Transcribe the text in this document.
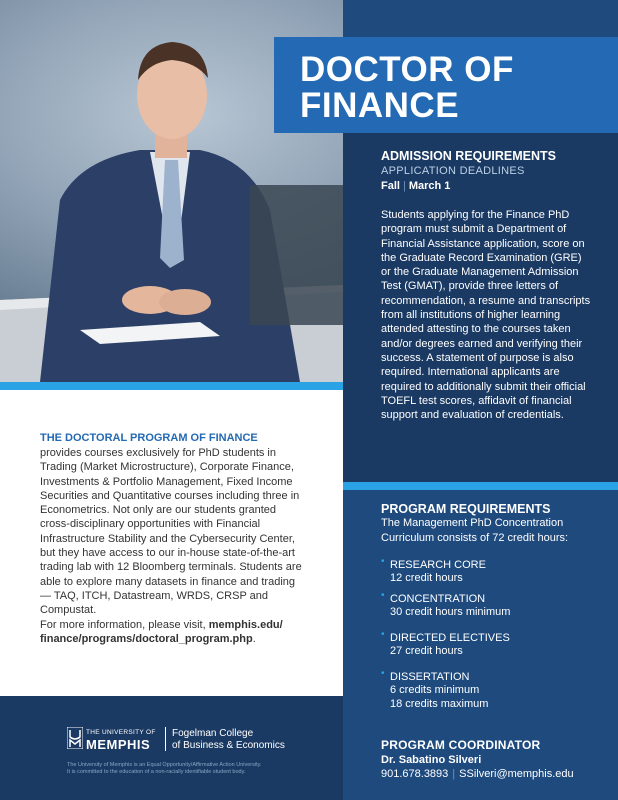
DOCTOR OF FINANCE
ADMISSION REQUIREMENTS
APPLICATION DEADLINES
Fall | March 1
Students applying for the Finance PhD program must submit a Department of Financial Assistance application, score on the Graduate Record Examination (GRE) or the Graduate Management Admission Test (GMAT), provide three letters of recommendation, a resume and transcripts from all institutions of higher learning attended attesting to the courses taken and/or degrees earned and verifying their success. A statement of purpose is also required. International applicants are required to additionally submit their official TOEFL test scores, affidavit of financial support and evaluation of credentials.
PROGRAM REQUIREMENTS
The Management PhD Concentration Curriculum consists of 72 credit hours:
• RESEARCH CORE
12 credit hours
• CONCENTRATION
30 credit hours minimum
• DIRECTED ELECTIVES
27 credit hours
• DISSERTATION
6 credits minimum
18 credits maximum
PROGRAM COORDINATOR
Dr. Sabatino Silveri
901.678.3893 | SSilveri@memphis.edu
THE DOCTORAL PROGRAM OF FINANCE
provides courses exclusively for PhD students in Trading (Market Microstructure), Corporate Finance, Investments & Portfolio Management, Fixed Income Securities and Quantitative courses including three in Econometrics. Not only are our students granted cross-disciplinary opportunities with Financial Infrastructure Stability and the Cybersecurity Center, but they have access to our in-house state-of-the-art trading lab with 12 Bloomberg terminals. Students are able to explore many datasets in finance and trading — TAQ, ITCH, Datastream, WRDS, CRSP and Compustat.
For more information, please visit, memphis.edu/ finance/programs/doctoral_program.php.
THE UNIVERSITY OF
MEMPHIS
Fogelman College
of Business & Economics
The University of Memphis is an Equal Opportunity/Affirmative Action University.
It is committed to the education of a non-racially identifiable student body.
